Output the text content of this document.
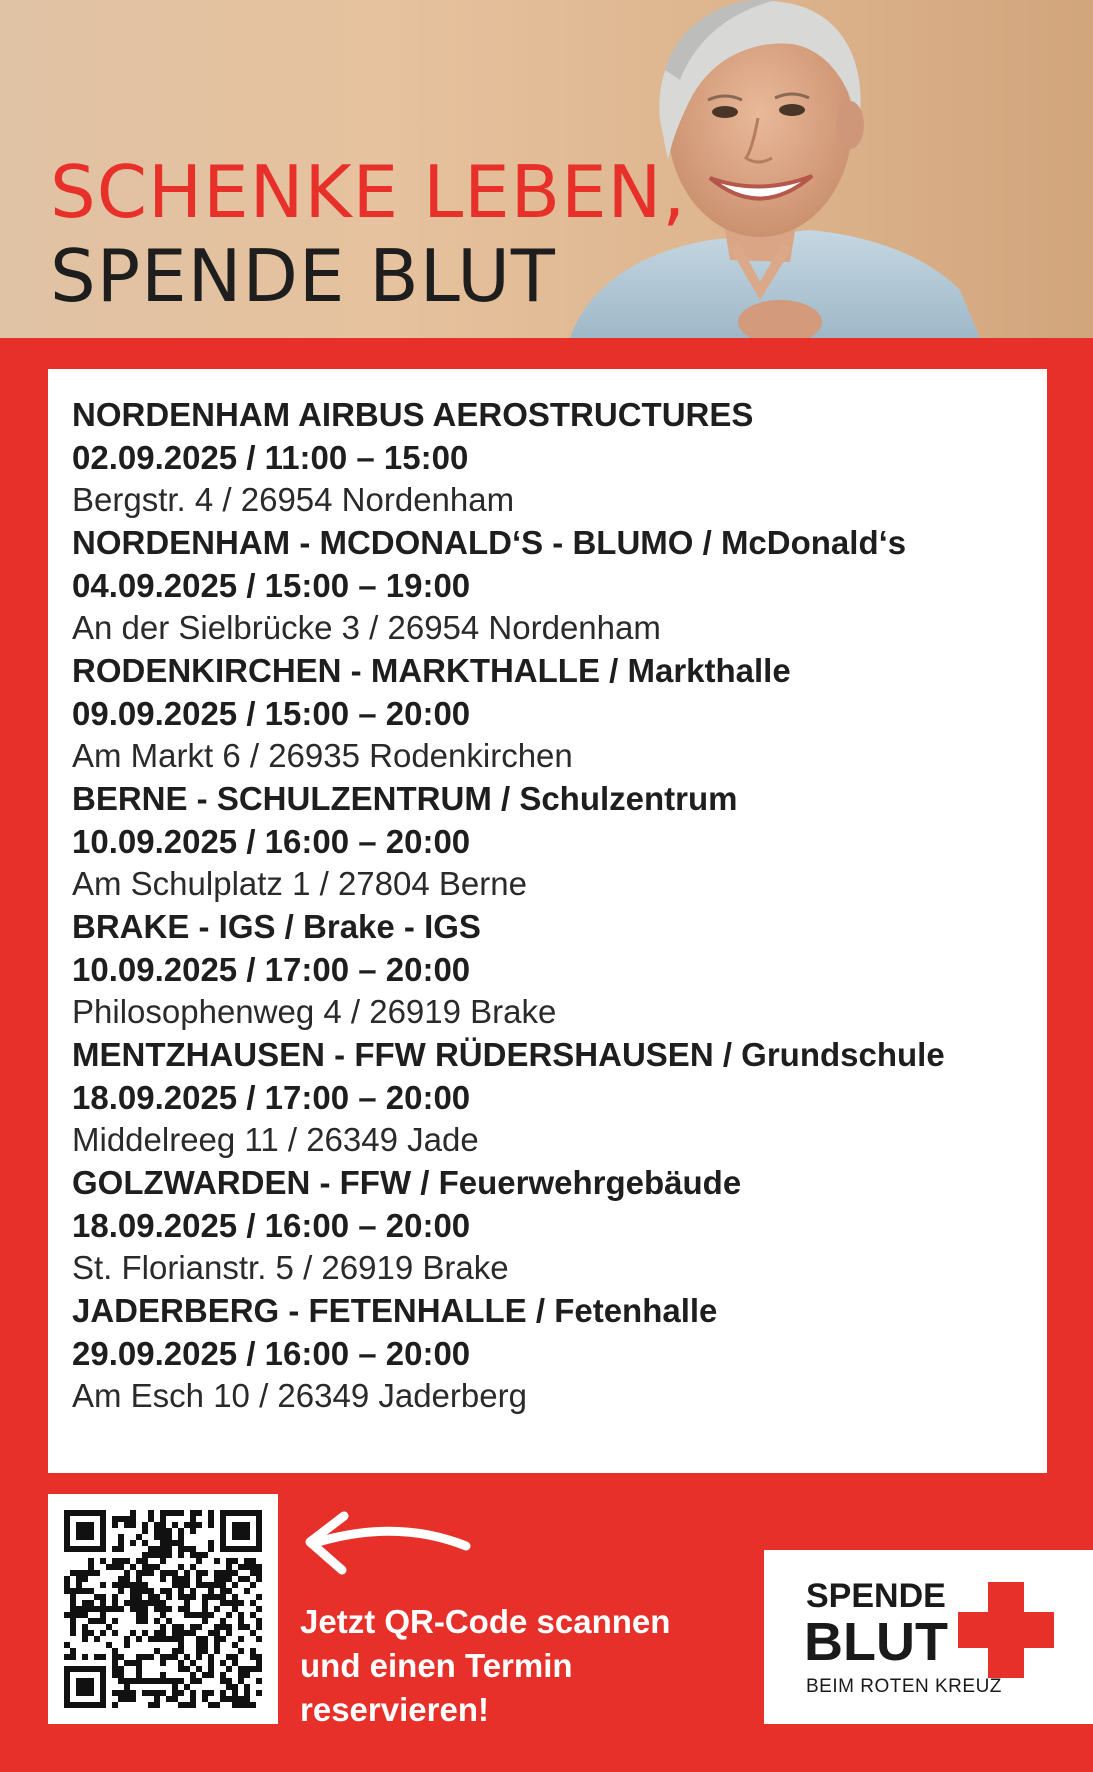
SCHENKE LEBEN,
SPENDE BLUT
NORDENHAM AIRBUS AEROSTRUCTURES
02.09.2025 / 11:00 – 15:00
Bergstr. 4 / 26954 Nordenham
NORDENHAM - MCDONALD‘S - BLUMO / McDonald‘s
04.09.2025 / 15:00 – 19:00
An der Sielbrücke 3 / 26954 Nordenham
RODENKIRCHEN - MARKTHALLE / Markthalle
09.09.2025 / 15:00 – 20:00
Am Markt 6 / 26935 Rodenkirchen
BERNE - SCHULZENTRUM / Schulzentrum
10.09.2025 / 16:00 – 20:00
Am Schulplatz 1 / 27804 Berne
BRAKE - IGS / Brake - IGS
10.09.2025 / 17:00 – 20:00
Philosophenweg 4 / 26919 Brake
MENTZHAUSEN - FFW RÜDERSHAUSEN / Grundschule
18.09.2025 / 17:00 – 20:00
Middelreeg 11 / 26349 Jade
GOLZWARDEN - FFW / Feuerwehrgebäude
18.09.2025 / 16:00 – 20:00
St. Florianstr. 5 / 26919 Brake
JADERBERG - FETENHALLE / Fetenhalle
29.09.2025 / 16:00 – 20:00
Am Esch 10 / 26349 Jaderberg
Jetzt QR-Code scannen
und einen Termin
reservieren!
SPENDE
BLUT
BEIM ROTEN KREUZ
